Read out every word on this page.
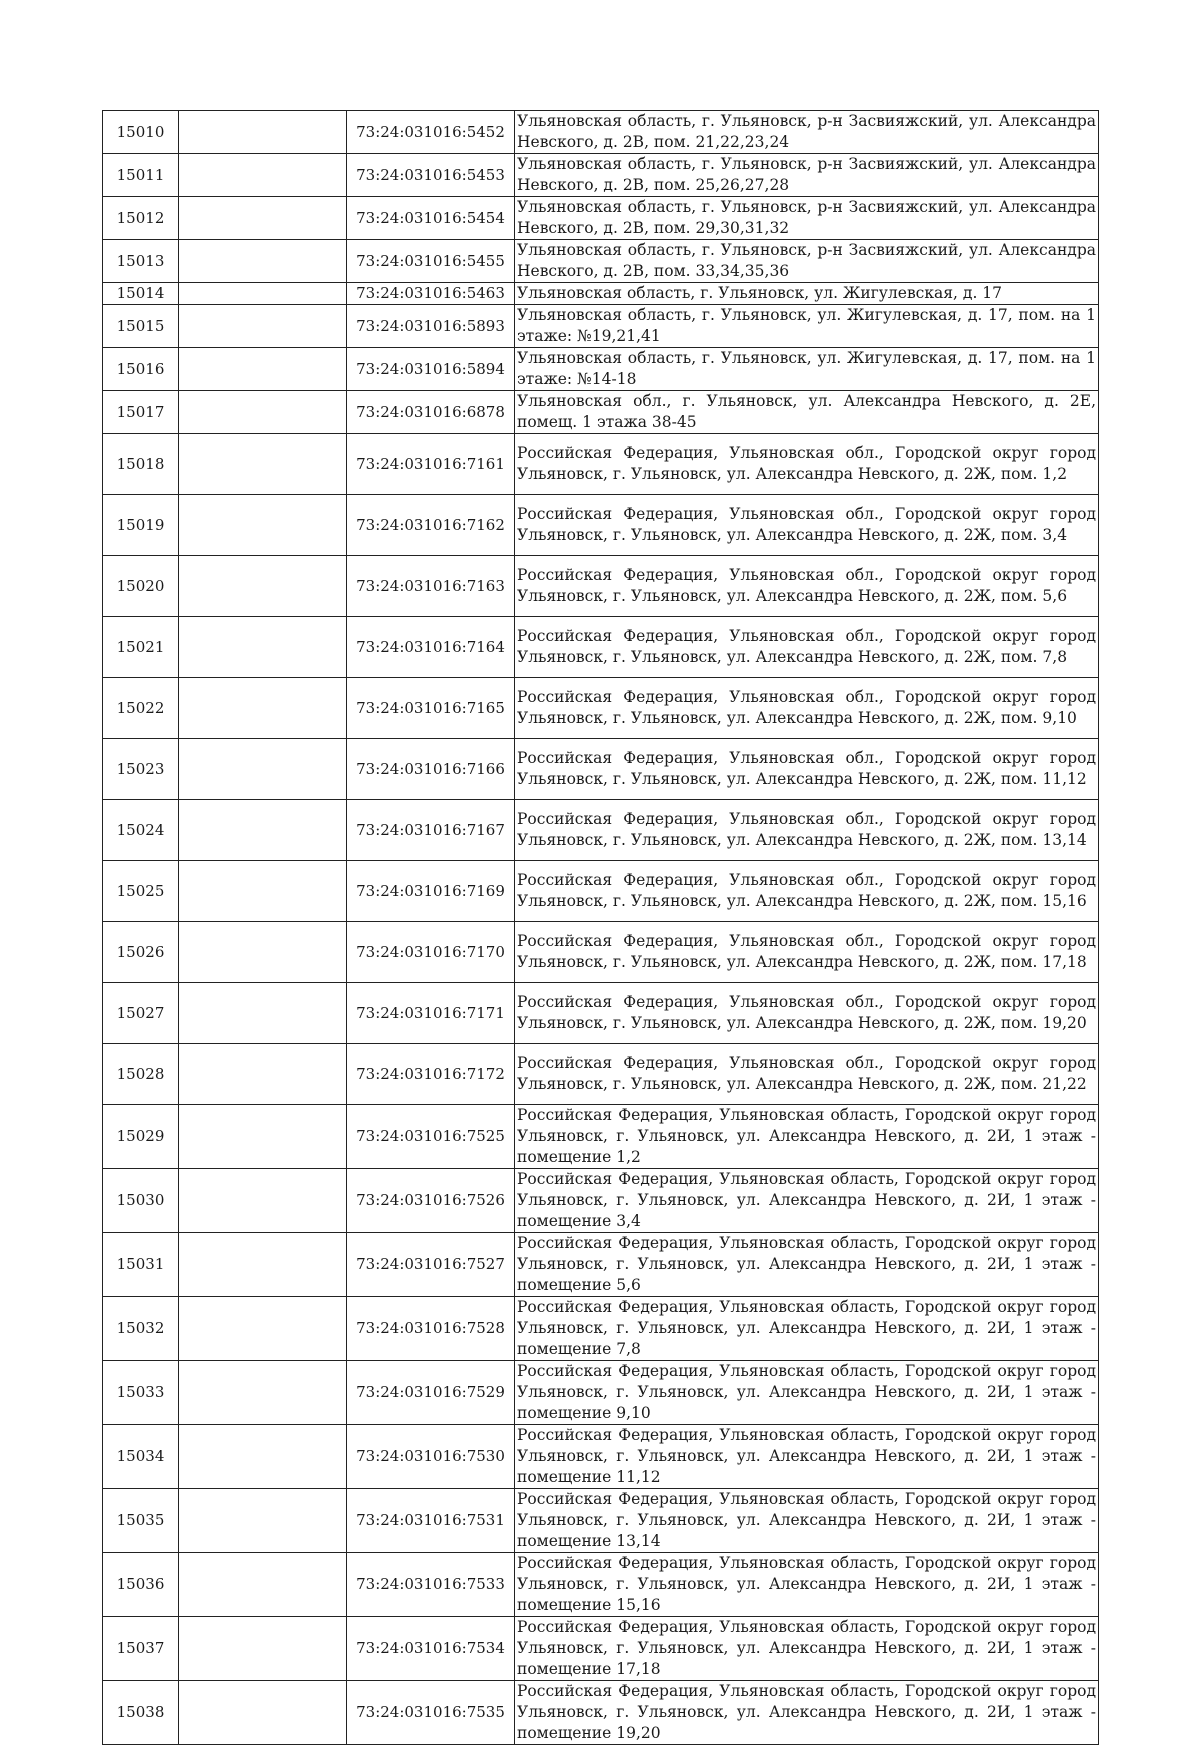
15010		73:24:031016:5452	Ульяновская область, г. Ульяновск, р-н Засвияжский, ул. Александра Невского, д. 2В, пом. 21,22,23,24
15011		73:24:031016:5453	Ульяновская область, г. Ульяновск, р-н Засвияжский, ул. Александра Невского, д. 2В, пом. 25,26,27,28
15012		73:24:031016:5454	Ульяновская область, г. Ульяновск, р-н Засвияжский, ул. Александра Невского, д. 2В, пом. 29,30,31,32
15013		73:24:031016:5455	Ульяновская область, г. Ульяновск, р-н Засвияжский, ул. Александра Невского, д. 2В, пом. 33,34,35,36
15014		73:24:031016:5463	Ульяновская область, г. Ульяновск, ул. Жигулевская, д. 17
15015		73:24:031016:5893	Ульяновская область, г. Ульяновск, ул. Жигулевская, д. 17, пом. на 1 этаже: №19,21,41
15016		73:24:031016:5894	Ульяновская область, г. Ульяновск, ул. Жигулевская, д. 17, пом. на 1 этаже: №14-18
15017		73:24:031016:6878	Ульяновская обл., г. Ульяновск, ул. Александра Невского, д. 2Е, помещ. 1 этажа 38-45
15018		73:24:031016:7161	Российская Федерация, Ульяновская обл., Городской округ город Ульяновск, г. Ульяновск, ул. Александра Невского, д. 2Ж, пом. 1,2
15019		73:24:031016:7162	Российская Федерация, Ульяновская обл., Городской округ город Ульяновск, г. Ульяновск, ул. Александра Невского, д. 2Ж, пом. 3,4
15020		73:24:031016:7163	Российская Федерация, Ульяновская обл., Городской округ город Ульяновск, г. Ульяновск, ул. Александра Невского, д. 2Ж, пом. 5,6
15021		73:24:031016:7164	Российская Федерация, Ульяновская обл., Городской округ город Ульяновск, г. Ульяновск, ул. Александра Невского, д. 2Ж, пом. 7,8
15022		73:24:031016:7165	Российская Федерация, Ульяновская обл., Городской округ город Ульяновск, г. Ульяновск, ул. Александра Невского, д. 2Ж, пом. 9,10
15023		73:24:031016:7166	Российская Федерация, Ульяновская обл., Городской округ город Ульяновск, г. Ульяновск, ул. Александра Невского, д. 2Ж, пом. 11,12
15024		73:24:031016:7167	Российская Федерация, Ульяновская обл., Городской округ город Ульяновск, г. Ульяновск, ул. Александра Невского, д. 2Ж, пом. 13,14
15025		73:24:031016:7169	Российская Федерация, Ульяновская обл., Городской округ город Ульяновск, г. Ульяновск, ул. Александра Невского, д. 2Ж, пом. 15,16
15026		73:24:031016:7170	Российская Федерация, Ульяновская обл., Городской округ город Ульяновск, г. Ульяновск, ул. Александра Невского, д. 2Ж, пом. 17,18
15027		73:24:031016:7171	Российская Федерация, Ульяновская обл., Городской округ город Ульяновск, г. Ульяновск, ул. Александра Невского, д. 2Ж, пом. 19,20
15028		73:24:031016:7172	Российская Федерация, Ульяновская обл., Городской округ город Ульяновск, г. Ульяновск, ул. Александра Невского, д. 2Ж, пом. 21,22
15029		73:24:031016:7525	Российская Федерация, Ульяновская область, Городской округ город Ульяновск, г. Ульяновск, ул. Александра Невского, д. 2И, 1 этаж - помещение 1,2
15030		73:24:031016:7526	Российская Федерация, Ульяновская область, Городской округ город Ульяновск, г. Ульяновск, ул. Александра Невского, д. 2И, 1 этаж - помещение 3,4
15031		73:24:031016:7527	Российская Федерация, Ульяновская область, Городской округ город Ульяновск, г. Ульяновск, ул. Александра Невского, д. 2И, 1 этаж - помещение 5,6
15032		73:24:031016:7528	Российская Федерация, Ульяновская область, Городской округ город Ульяновск, г. Ульяновск, ул. Александра Невского, д. 2И, 1 этаж - помещение 7,8
15033		73:24:031016:7529	Российская Федерация, Ульяновская область, Городской округ город Ульяновск, г. Ульяновск, ул. Александра Невского, д. 2И, 1 этаж - помещение 9,10
15034		73:24:031016:7530	Российская Федерация, Ульяновская область, Городской округ город Ульяновск, г. Ульяновск, ул. Александра Невского, д. 2И, 1 этаж - помещение 11,12
15035		73:24:031016:7531	Российская Федерация, Ульяновская область, Городской округ город Ульяновск, г. Ульяновск, ул. Александра Невского, д. 2И, 1 этаж - помещение 13,14
15036		73:24:031016:7533	Российская Федерация, Ульяновская область, Городской округ город Ульяновск, г. Ульяновск, ул. Александра Невского, д. 2И, 1 этаж - помещение 15,16
15037		73:24:031016:7534	Российская Федерация, Ульяновская область, Городской округ город Ульяновск, г. Ульяновск, ул. Александра Невского, д. 2И, 1 этаж - помещение 17,18
15038		73:24:031016:7535	Российская Федерация, Ульяновская область, Городской округ город Ульяновск, г. Ульяновск, ул. Александра Невского, д. 2И, 1 этаж - помещение 19,20
